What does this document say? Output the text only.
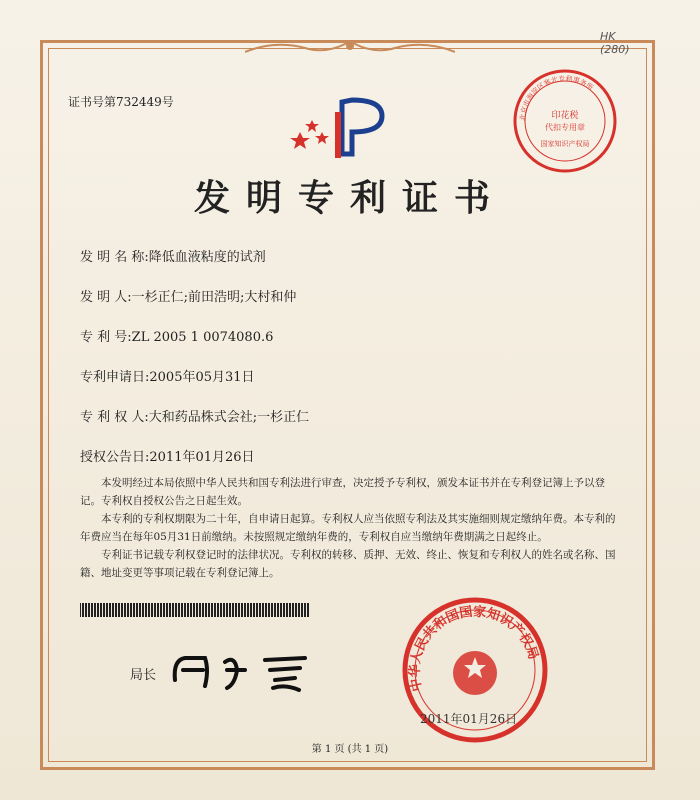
HK
(280)
证书号第732449号
北京市海淀区塞北专利事务所
印花税
代扣专用章
国家知识产权局
发明专利证书
发 明 名 称:降低血液粘度的试剂
发 明 人:一杉正仁;前田浩明;大村和仲
专 利 号:ZL 2005 1 0074080.6
专利申请日:2005年05月31日
专 利 权 人:大和药品株式会社;一杉正仁
授权公告日:2011年01月26日

本发明经过本局依照中华人民共和国专利法进行审查，决定授予专利权，颁发本证书并在专利登记簿上予以登记。专利权自授权公告之日起生效。

本专利的专利权期限为二十年，自申请日起算。专利权人应当依照专利法及其实施细则规定缴纳年费。本专利的年费应当在每年05月31日前缴纳。未按照规定缴纳年费的，专利权自应当缴纳年费期满之日起终止。

专利证书记载专利权登记时的法律状况。专利权的转移、质押、无效、终止、恢复和专利权人的姓名或名称、国籍、地址变更等事项记载在专利登记簿上。

局长
田力普
中华人民共和国国家知识产权局
2011年01月26日
第 1 页 (共 1 页)
